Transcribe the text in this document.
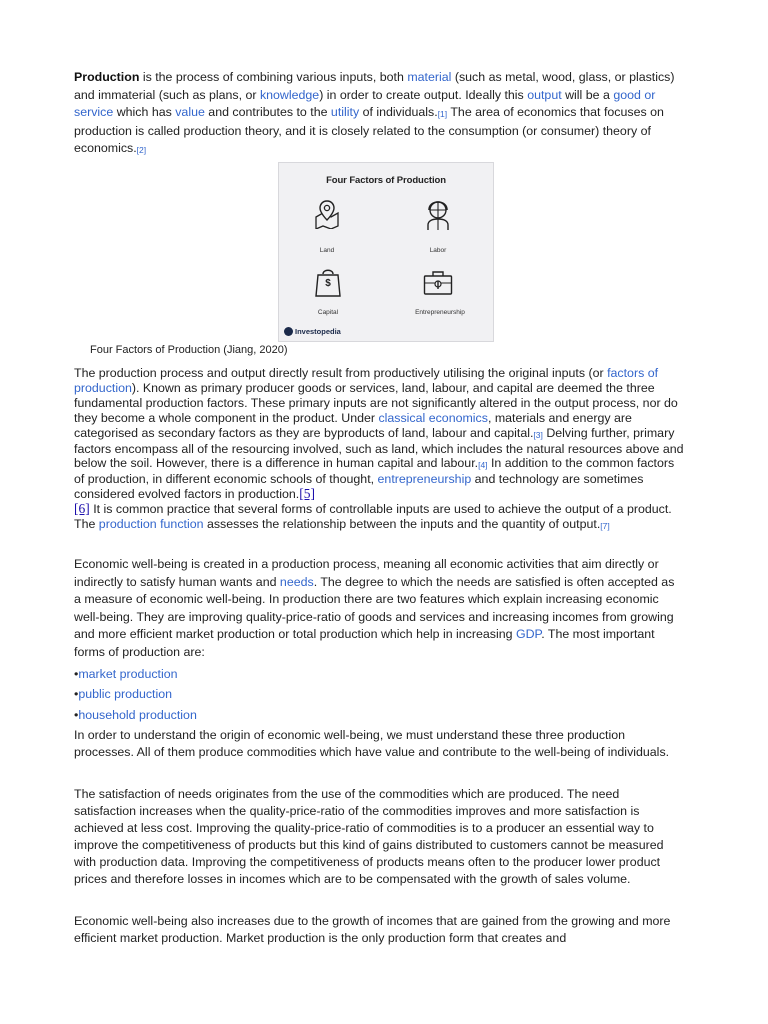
Production is the process of combining various inputs, both material (such as metal, wood, glass, or plastics) and immaterial (such as plans, or knowledge) in order to create output. Ideally this output will be a good or service which has value and contributes to the utility of individuals.[1] The area of economics that focuses on production is called production theory, and it is closely related to the consumption (or consumer) theory of economics.[2]

Four Factors of Production
Land	Labor
$
Capital	Entrepreneurship
Investopedia
Four Factors of Production (Jiang, 2020)

The production process and output directly result from productively utilising the original inputs (or factors of production). Known as primary producer goods or services, land, labour, and capital are deemed the three fundamental production factors. These primary inputs are not significantly altered in the output process, nor do they become a whole component in the product. Under classical economics, materials and energy are categorised as secondary factors as they are byproducts of land, labour and capital.[3] Delving further, primary factors encompass all of the resourcing involved, such as land, which includes the natural resources above and below the soil. However, there is a difference in human capital and labour.[4] In addition to the common factors of production, in different economic schools of thought, entrepreneurship and technology are sometimes considered evolved factors in production.[5]
[6] It is common practice that several forms of controllable inputs are used to achieve the output of a product. The production function assesses the relationship between the inputs and the quantity of output.[7]

Economic well-being is created in a production process, meaning all economic activities that aim directly or indirectly to satisfy human wants and needs. The degree to which the needs are satisfied is often accepted as a measure of economic well-being. In production there are two features which explain increasing economic well-being. They are improving quality-price-ratio of goods and services and increasing incomes from growing and more efficient market production or total production which help in increasing GDP. The most important forms of production are:

•market production
•public production
•household production

In order to understand the origin of economic well-being, we must understand these three production processes. All of them produce commodities which have value and contribute to the well-being of individuals.

The satisfaction of needs originates from the use of the commodities which are produced. The need satisfaction increases when the quality-price-ratio of the commodities improves and more satisfaction is achieved at less cost. Improving the quality-price-ratio of commodities is to a producer an essential way to improve the competitiveness of products but this kind of gains distributed to customers cannot be measured with production data. Improving the competitiveness of products means often to the producer lower product prices and therefore losses in incomes which are to be compensated with the growth of sales volume.

Economic well-being also increases due to the growth of incomes that are gained from the growing and more efficient market production. Market production is the only production form that creates and
